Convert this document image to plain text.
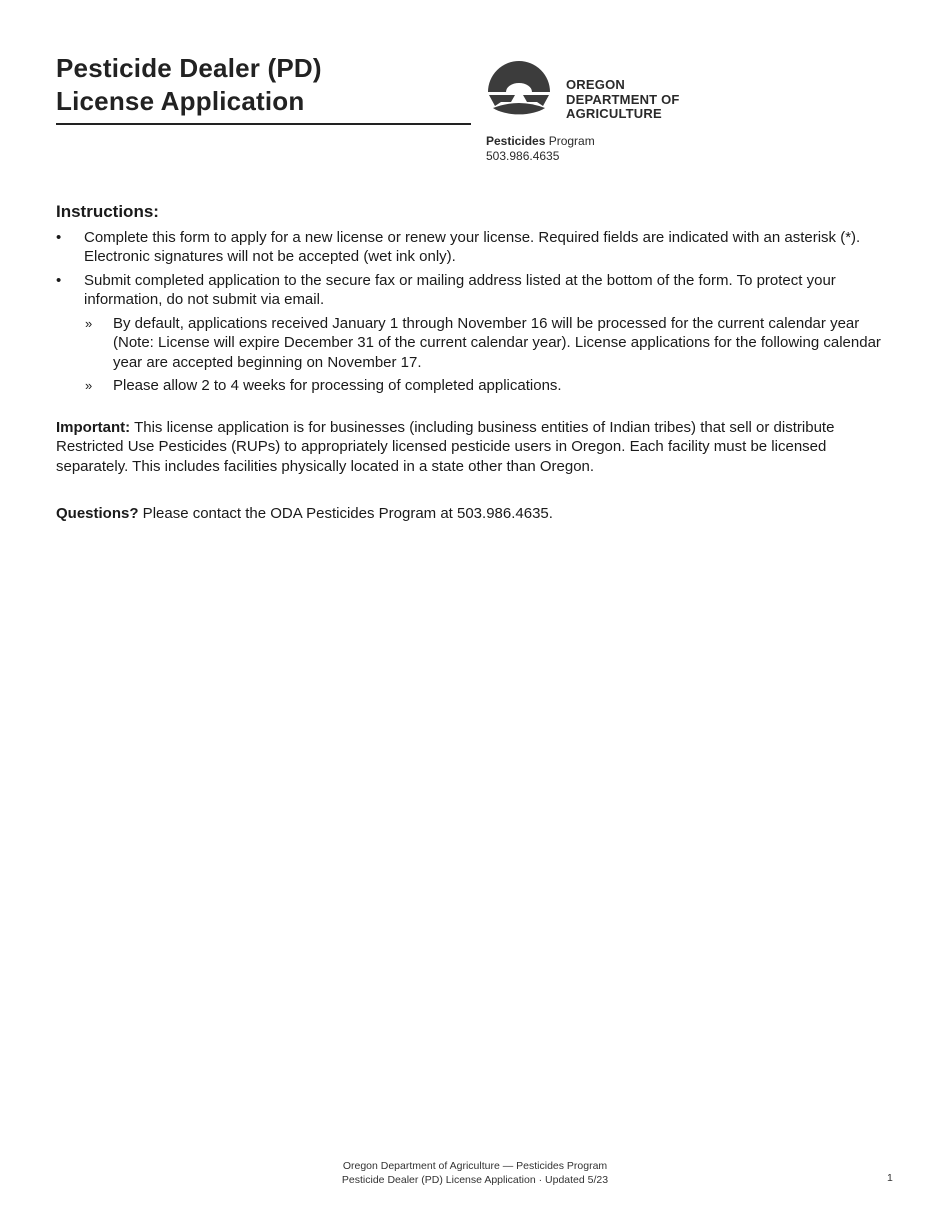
Pesticide Dealer (PD)
License Application
OREGON
DEPARTMENT OF
AGRICULTURE
Pesticides Program
503.986.4635
Instructions:
• Complete this form to apply for a new license or renew your license. Required fields are indicated with an asterisk (*). Electronic signatures will not be accepted (wet ink only).
• Submit completed application to the secure fax or mailing address listed at the bottom of the form. To protect your information, do not submit via email.
» By default, applications received January 1 through November 16 will be processed for the current calendar year (Note: License will expire December 31 of the current calendar year). License applications for the following calendar year are accepted beginning on November 17.
» Please allow 2 to 4 weeks for processing of completed applications.
Important: This license application is for businesses (including business entities of Indian tribes) that sell or distribute Restricted Use Pesticides (RUPs) to appropriately licensed pesticide users in Oregon. Each facility must be licensed separately. This includes facilities physically located in a state other than Oregon.
Questions? Please contact the ODA Pesticides Program at 503.986.4635.
Oregon Department of Agriculture — Pesticides Program
Pesticide Dealer (PD) License Application · Updated 5/23	1
